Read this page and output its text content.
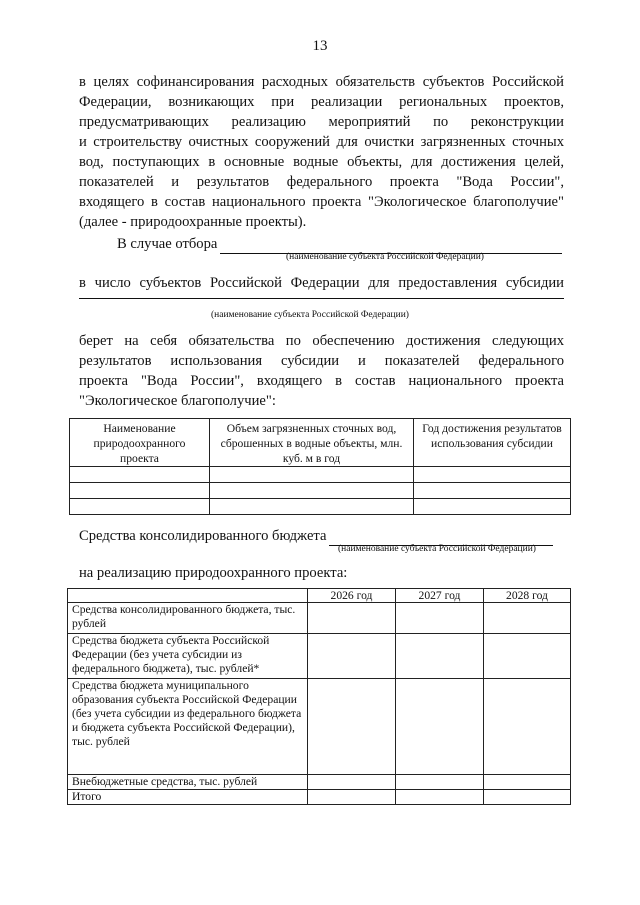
13

в целях софинансирования расходных обязательств субъектов Российской

Федерации, возникающих при реализации региональных проектов,

предусматривающих реализацию мероприятий по реконструкции

и строительству очистных сооружений для очистки загрязненных сточных

вод, поступающих в основные водные объекты, для достижения целей,

показателей и результатов федерального проекта "Вода России",

входящего в состав национального проекта "Экологическое благополучие"

(далее - природоохранные проекты).

В случае отбора
(наименование субъекта Российской Федерации)

в число субъектов Российской Федерации для предоставления субсидии

(наименование субъекта Российской Федерации)

берет на себя обязательства по обеспечению достижения следующих

результатов использования субсидии и показателей федерального

проекта "Вода России", входящего в состав национального проекта

"Экологическое благополучие":

Наименование природоохранного проекта	Объем загрязненных сточных вод, сброшенных в водные объекты, млн. куб. м в год	Год достижения результатов использования субсидии

Средства консолидированного бюджета
(наименование субъекта Российской Федерации)
на реализацию природоохранного проекта:
	2026 год	2027 год	2028 год
Средства консолидированного бюджета, тыс. рублей			
Средства бюджета субъекта Российской Федерации (без учета субсидии из федерального бюджета), тыс. рублей*			
Средства бюджета муниципального образования субъекта Российской Федерации (без учета субсидии из федерального бюджета и бюджета субъекта Российской Федерации), тыс. рублей			
Внебюджетные средства, тыс. рублей			
Итого			
